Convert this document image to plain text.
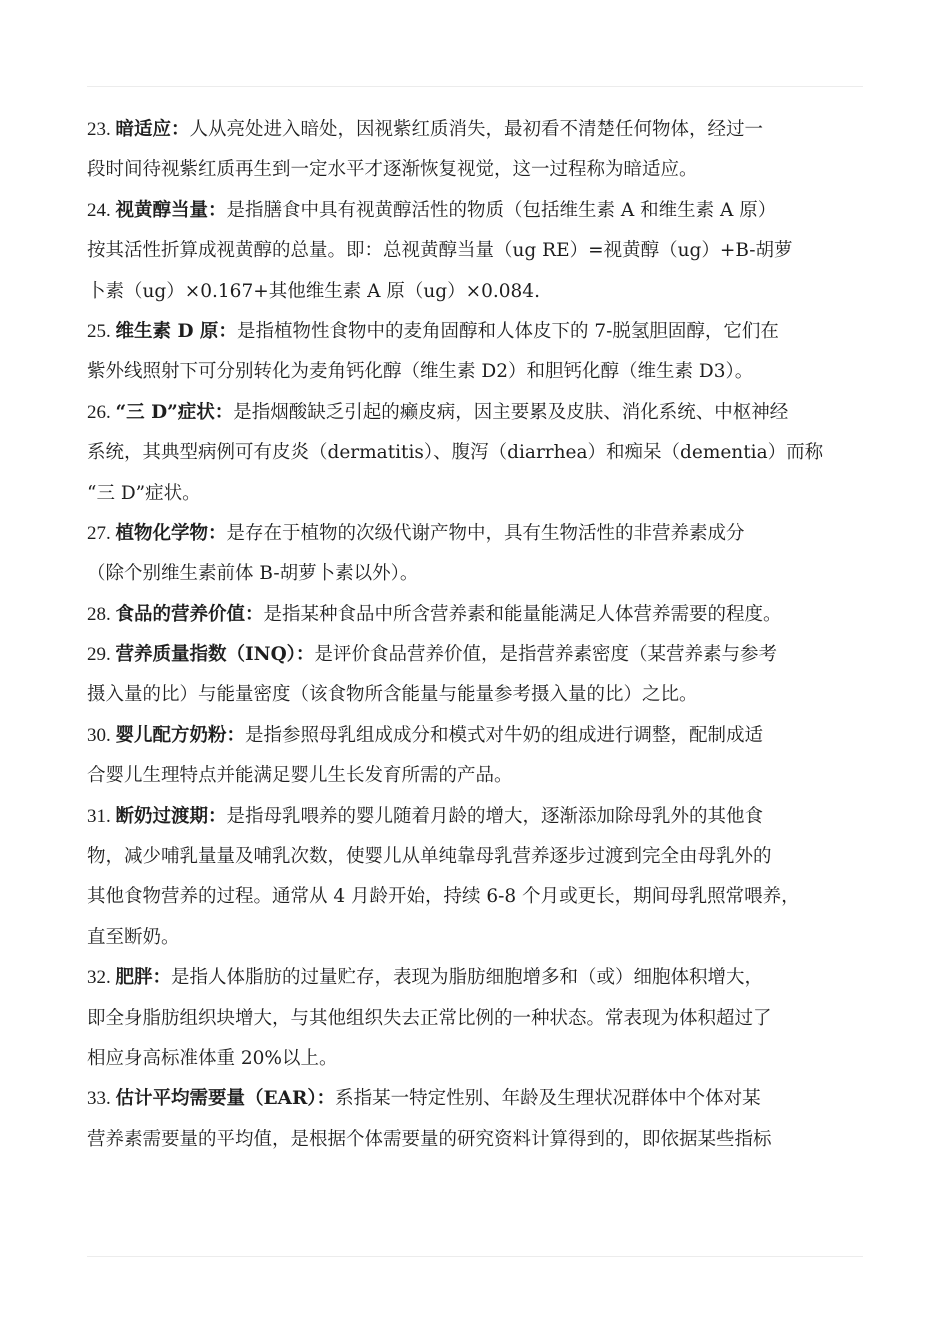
23. 暗适应：人从亮处进入暗处，因视紫红质消失，最初看不清楚任何物体，经过一
段时间待视紫红质再生到一定水平才逐渐恢复视觉，这一过程称为暗适应。
24. 视黄醇当量：是指膳食中具有视黄醇活性的物质（包括维生素 A 和维生素 A 原）
按其活性折算成视黄醇的总量。即：总视黄醇当量（ug RE）=视黄醇（ug）+B-胡萝
卜素（ug）×0.167+其他维生素 A 原（ug）×0.084.
25. 维生素 D 原：是指植物性食物中的麦角固醇和人体皮下的 7-脱氢胆固醇，它们在
紫外线照射下可分别转化为麦角钙化醇（维生素 D2）和胆钙化醇（维生素 D3）。
26. “三 D”症状：是指烟酸缺乏引起的癞皮病，因主要累及皮肤、消化系统、中枢神经
系统，其典型病例可有皮炎（dermatitis）、腹泻（diarrhea）和痴呆（dementia）而称
“三 D”症状。
27. 植物化学物：是存在于植物的次级代谢产物中，具有生物活性的非营养素成分
（除个别维生素前体 B-胡萝卜素以外）。
28. 食品的营养价值：是指某种食品中所含营养素和能量能满足人体营养需要的程度。
29. 营养质量指数（INQ）：是评价食品营养价值，是指营养素密度（某营养素与参考
摄入量的比）与能量密度（该食物所含能量与能量参考摄入量的比）之比。
30. 婴儿配方奶粉：是指参照母乳组成成分和模式对牛奶的组成进行调整，配制成适
合婴儿生理特点并能满足婴儿生长发育所需的产品。
31. 断奶过渡期：是指母乳喂养的婴儿随着月龄的增大，逐渐添加除母乳外的其他食
物，减少哺乳量量及哺乳次数，使婴儿从单纯靠母乳营养逐步过渡到完全由母乳外的
其他食物营养的过程。通常从 4 月龄开始，持续 6-8 个月或更长，期间母乳照常喂养，
直至断奶。
32. 肥胖：是指人体脂肪的过量贮存，表现为脂肪细胞增多和（或）细胞体积增大，
即全身脂肪组织块增大，与其他组织失去正常比例的一种状态。常表现为体积超过了
相应身高标准体重 20%以上。
33. 估计平均需要量（EAR）：系指某一特定性别、年龄及生理状况群体中个体对某
营养素需要量的平均值，是根据个体需要量的研究资料计算得到的，即依据某些指标
